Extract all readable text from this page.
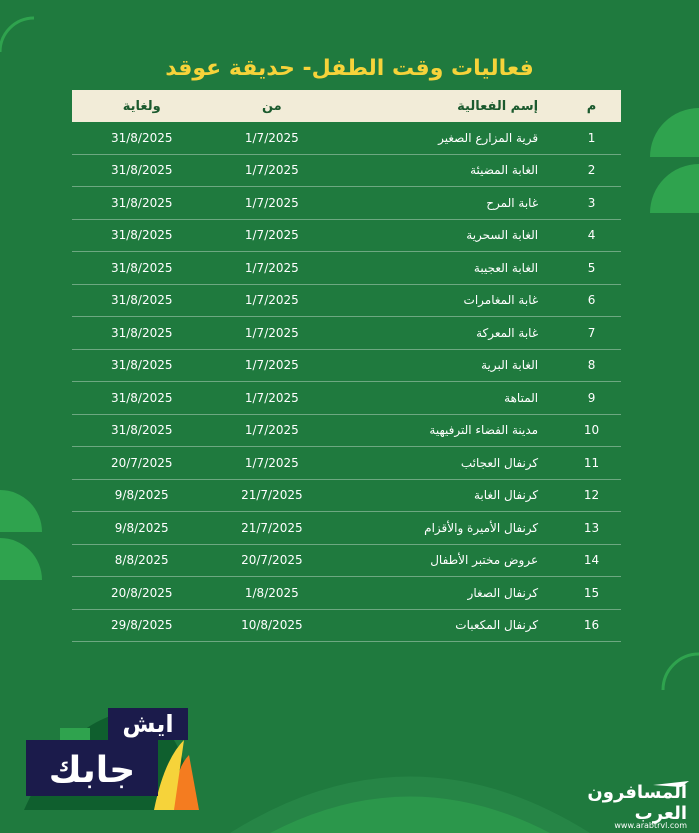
فعاليات وقت الطفل- حديقة عوقد
م	إسم الفعالية	من	ولغاية
1	قرية المزارع الصغير	1/7/2025	31/8/2025
2	الغابة المضيئة	1/7/2025	31/8/2025
3	غابة المرح	1/7/2025	31/8/2025
4	الغابة السحرية	1/7/2025	31/8/2025
5	الغابة العجيبة	1/7/2025	31/8/2025
6	غابة المغامرات	1/7/2025	31/8/2025
7	غابة المعركة	1/7/2025	31/8/2025
8	الغابة البرية	1/7/2025	31/8/2025
9	المتاهة	1/7/2025	31/8/2025
10	مدينة الفضاء الترفيهية	1/7/2025	31/8/2025
11	كرنفال العجائب	1/7/2025	20/7/2025
12	كرنفال الغابة	21/7/2025	9/8/2025
13	كرنفال الأميرة والأقزام	21/7/2025	9/8/2025
14	عروض مختبر الأطفال	20/7/2025	8/8/2025
15	كرنفال الصغار	1/8/2025	20/8/2025
16	كرنفال المكعبات	10/8/2025	29/8/2025
ايش
جابك
المسافرون العرب
www.arabtrvl.com
